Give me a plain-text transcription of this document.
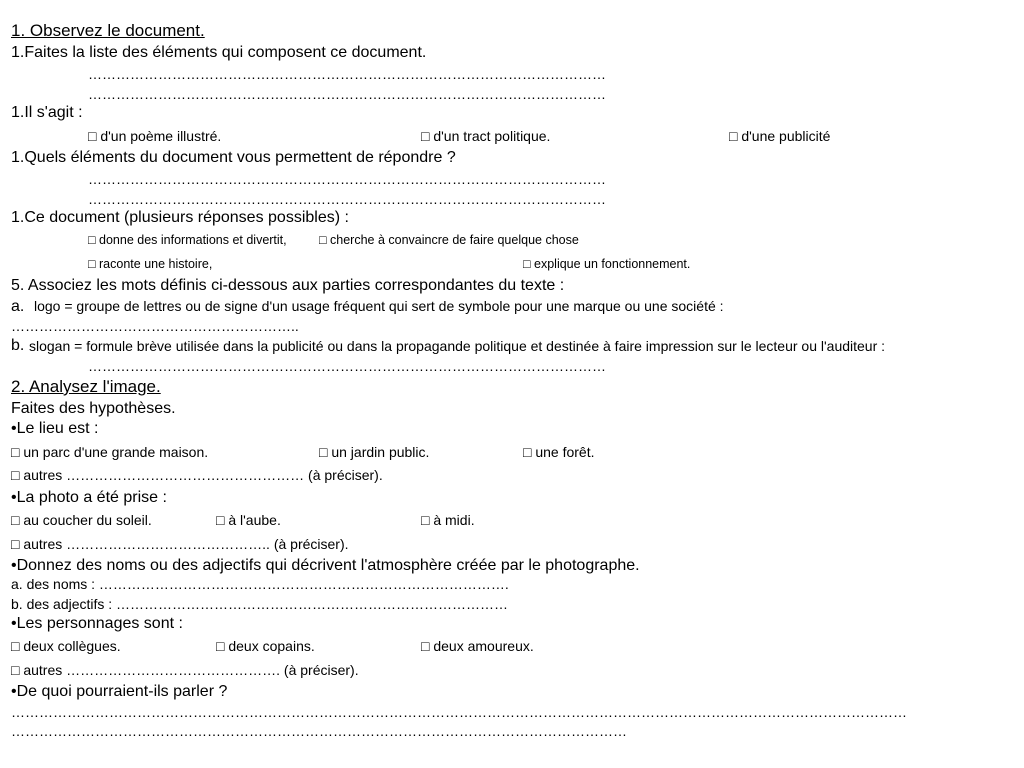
1. Observez le document.
1.Faites la liste des éléments qui composent ce document.
…………………………………………………………………………………………………
…………………………………………………………………………………………………
1.Il s'agit :
□ d'un poème illustré.	□ d'un tract politique.	□ d'une publicité
1.Quels éléments du document vous permettent de répondre ?
…………………………………………………………………………………………………
…………………………………………………………………………………………………
1.Ce document (plusieurs réponses possibles) :
□ donne des informations et divertit,	□ cherche à convaincre de faire quelque chose
□ raconte une histoire,	□ explique un fonctionnement.
5. Associez les mots définis ci-dessous aux parties correspondantes du texte :
a. logo = groupe de lettres ou de signe d'un usage fréquent qui sert de symbole pour une marque ou une société :
……………………………………………………..
b. slogan = formule brève utilisée dans la publicité ou dans la propagande politique et destinée à faire impression sur le lecteur ou l'auditeur :
…………………………………………………………………………………………………
2. Analysez l'image.
Faites des hypothèses.
•Le lieu est :
□ un parc d'une grande maison.	□ un jardin public.	□ une forêt.
□ autres …………………………………………… (à préciser).
•La photo a été prise :
□ au coucher du soleil.	□ à l'aube.	□ à midi.
□ autres …………………………………….. (à préciser).
•Donnez des noms ou des adjectifs qui décrivent l'atmosphère créée par le photographe.
a. des noms : …………………………………………………………………………….
b. des adjectifs : …………………………………………………………………………
•Les personnages sont :
□ deux collègues.	□ deux copains.	□ deux amoureux.
□ autres ………………………………………. (à préciser).
•De quoi pourraient-ils parler ?
…………………………………………………………………………………………………………………………………………………………………………
……………………………………………………………………………………………………………………
